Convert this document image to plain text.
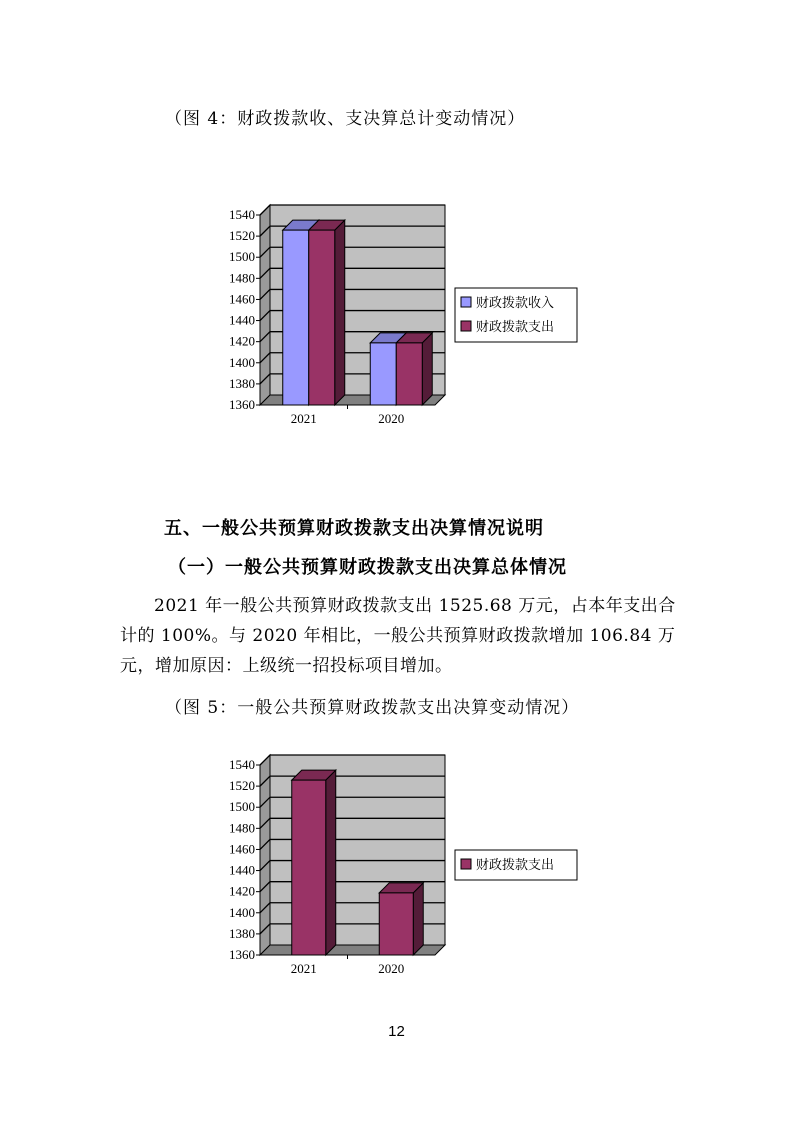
（图 4：财政拨款收、支决算总计变动情况）
1360
1380
1400
1420
1440
1460
1480
1500
1520
1540
2021	2020
财政拨款收入
财政拨款支出
五、一般公共预算财政拨款支出决算情况说明
（一）一般公共预算财政拨款支出决算总体情况

2021 年一般公共预算财政拨款支出 1525.68 万元，占本年支出合计的 100%。与 2020 年相比，一般公共预算财政拨款增加 106.84 万元，增加原因：上级统一招投标项目增加。

（图 5：一般公共预算财政拨款支出决算变动情况）
1360
1380
1400
1420
1440
1460
1480
1500
1520
1540
2021	2020
财政拨款支出
12
